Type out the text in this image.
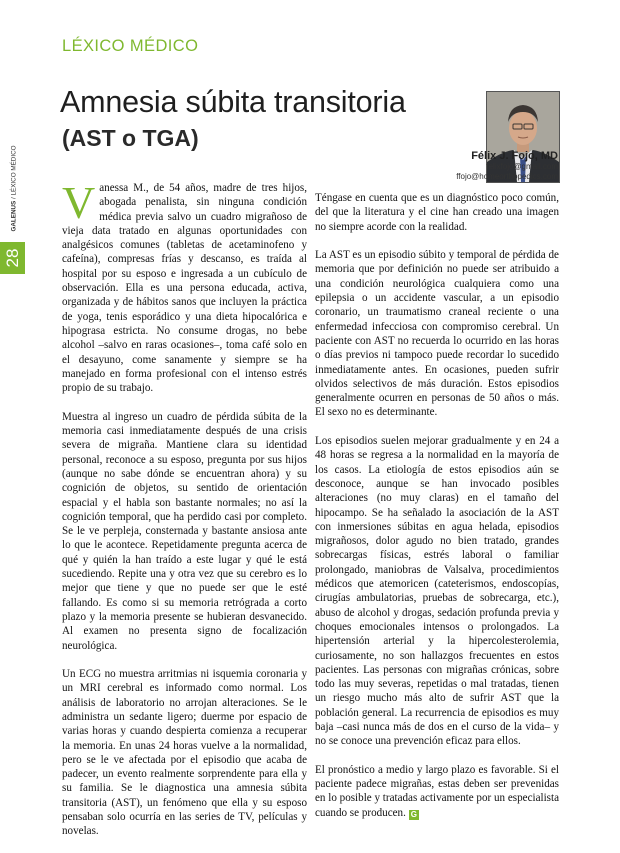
LÉXICO MÉDICO
Amnesia súbita transitoria
(AST o TGA)
Félix J. Fojo, MD
felixfojo@gmail.com
ffojo@homeorthopedics.com
GALENUS / LÉXICO MÉDICO
28

Vanessa M., de 54 años, madre de tres hijos, abogada penalista, sin ninguna condición médica previa salvo un cuadro migrañoso de vieja data tratado en algunas oportunidades con analgésicos comunes (tabletas de acetaminofeno y cafeína), compresas frías y descanso, es traída al hospital por su esposo e ingresada a un cubículo de observación. Ella es una persona educada, activa, organizada y de hábitos sanos que incluyen la práctica de yoga, tenis esporádico y una dieta hipocalórica e hipograsa estricta. No consume drogas, no bebe alcohol –salvo en raras ocasiones–, toma café solo en el desayuno, come sanamente y siempre se ha manejado en forma profesional con el intenso estrés propio de su trabajo.

Muestra al ingreso un cuadro de pérdida súbita de la memoria casi inmediatamente después de una crisis severa de migraña. Mantiene clara su identidad personal, reconoce a su esposo, pregunta por sus hijos (aunque no sabe dónde se encuentran ahora) y su cognición de objetos, su sentido de orientación espacial y el habla son bastante normales; no así la cognición temporal, que ha perdido casi por completo. Se le ve perpleja, consternada y bastante ansiosa ante lo que le acontece. Repetidamente pregunta acerca de qué y quién la han traído a este lugar y qué le está sucediendo. Repite una y otra vez que su cerebro es lo mejor que tiene y que no puede ser que le esté fallando. Es como si su memoria retrógrada a corto plazo y la memoria presente se hubieran desvanecido. Al examen no presenta signo de focalización neurológica.

Un ECG no muestra arritmias ni isquemia coronaria y un MRI cerebral es informado como normal. Los análisis de laboratorio no arrojan alteraciones. Se le administra un sedante ligero; duerme por espacio de varias horas y cuando despierta comienza a recuperar la memoria. En unas 24 horas vuelve a la normalidad, pero se le ve afectada por el episodio que acaba de padecer, un evento realmente sorprendente para ella y su familia. Se le diagnostica una amnesia súbita transitoria (AST), un fenómeno que ella y su esposo pensaban solo ocurría en las series de TV, películas y novelas.

Téngase en cuenta que es un diagnóstico poco común, del que la literatura y el cine han creado una imagen no siempre acorde con la realidad.

La AST es un episodio súbito y temporal de pérdida de memoria que por definición no puede ser atribuido a una condición neurológica cualquiera como una epilepsia o un accidente vascular, a un episodio coronario, un traumatismo craneal reciente o una enfermedad infecciosa con compromiso cerebral. Un paciente con AST no recuerda lo ocurrido en las horas o días previos ni tampoco puede recordar lo sucedido inmediatamente antes. En ocasiones, pueden sufrir olvidos selectivos de más duración. Estos episodios generalmente ocurren en personas de 50 años o más. El sexo no es determinante.

Los episodios suelen mejorar gradualmente y en 24 a 48 horas se regresa a la normalidad en la mayoría de los casos. La etiología de estos episodios aún se desconoce, aunque se han invocado posibles alteraciones (no muy claras) en el tamaño del hipocampo. Se ha señalado la asociación de la AST con inmersiones súbitas en agua helada, episodios migrañosos, dolor agudo no bien tratado, grandes sobrecargas físicas, estrés laboral o familiar prolongado, maniobras de Valsalva, procedimientos médicos que atemoricen (cateterismos, endoscopías, cirugías ambulatorias, pruebas de sobrecarga, etc.), abuso de alcohol y drogas, sedación profunda previa y choques emocionales intensos o prolongados. La hipertensión arterial y la hipercolesterolemia, curiosamente, no son hallazgos frecuentes en estos pacientes. Las personas con migrañas crónicas, sobre todo las muy severas, repetidas o mal tratadas, tienen un riesgo mucho más alto de sufrir AST que la población general. La recurrencia de episodios es muy baja –casi nunca más de dos en el curso de la vida– y no se conoce una prevención eficaz para ellos.

El pronóstico a medio y largo plazo es favorable. Si el paciente padece migrañas, estas deben ser prevenidas en lo posible y tratadas activamente por un especialista cuando se producen. G
